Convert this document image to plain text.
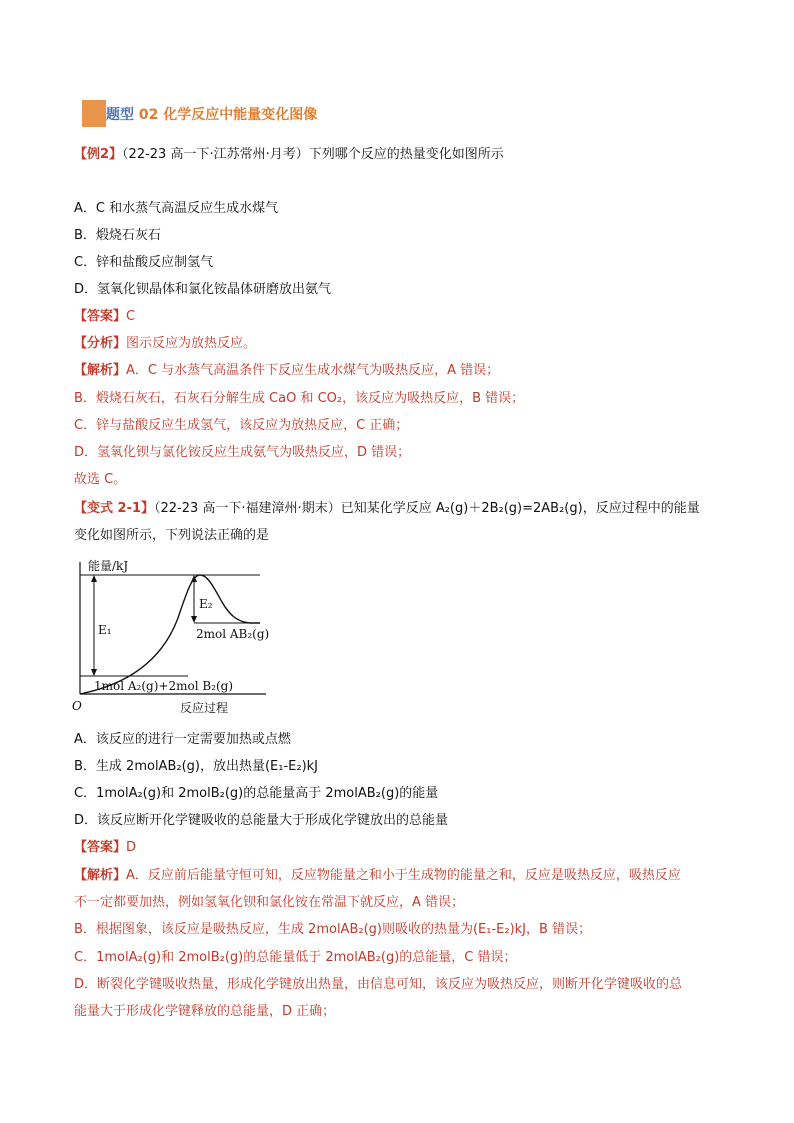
题型 02 化学反应中能量变化图像
【例2】（22-23 高一下·江苏常州·月考）下列哪个反应的热量变化如图所示
A．C 和水蒸气高温反应生成水煤气
B．煅烧石灰石
C．锌和盐酸反应制氢气
D．氢氧化钡晶体和氯化铵晶体研磨放出氨气
【答案】C
【分析】图示反应为放热反应。
【解析】A．C 与水蒸气高温条件下反应生成水煤气为吸热反应，A 错误；
B．煅烧石灰石，石灰石分解生成 CaO 和 CO₂，该反应为吸热反应，B 错误；
C．锌与盐酸反应生成氢气，该反应为放热反应，C 正确；
D．氢氧化钡与氯化铵反应生成氨气为吸热反应，D 错误；
故选 C。
【变式 2-1】（22-23 高一下·福建漳州·期末）已知某化学反应 A₂(g)＋2B₂(g)=2AB₂(g)，反应过程中的能量
变化如图所示，下列说法正确的是
能量/kJ
E₁
E₂
2mol AB₂(g)
1mol A₂(g)+2mol B₂(g)
O	反应过程
A．该反应的进行一定需要加热或点燃
B．生成 2molAB₂(g)，放出热量(E₁-E₂)kJ
C．1molA₂(g)和 2molB₂(g)的总能量高于 2molAB₂(g)的能量
D．该反应断开化学键吸收的总能量大于形成化学键放出的总能量
【答案】D
【解析】A．反应前后能量守恒可知，反应物能量之和小于生成物的能量之和，反应是吸热反应，吸热反应
不一定都要加热，例如氢氧化钡和氯化铵在常温下就反应，A 错误；
B．根据图象，该反应是吸热反应，生成 2molAB₂(g)则吸收的热量为(E₁-E₂)kJ，B 错误；
C．1molA₂(g)和 2molB₂(g)的总能量低于 2molAB₂(g)的总能量，C 错误；
D．断裂化学键吸收热量，形成化学键放出热量，由信息可知，该反应为吸热反应，则断开化学键吸收的总
能量大于形成化学键释放的总能量，D 正确；
